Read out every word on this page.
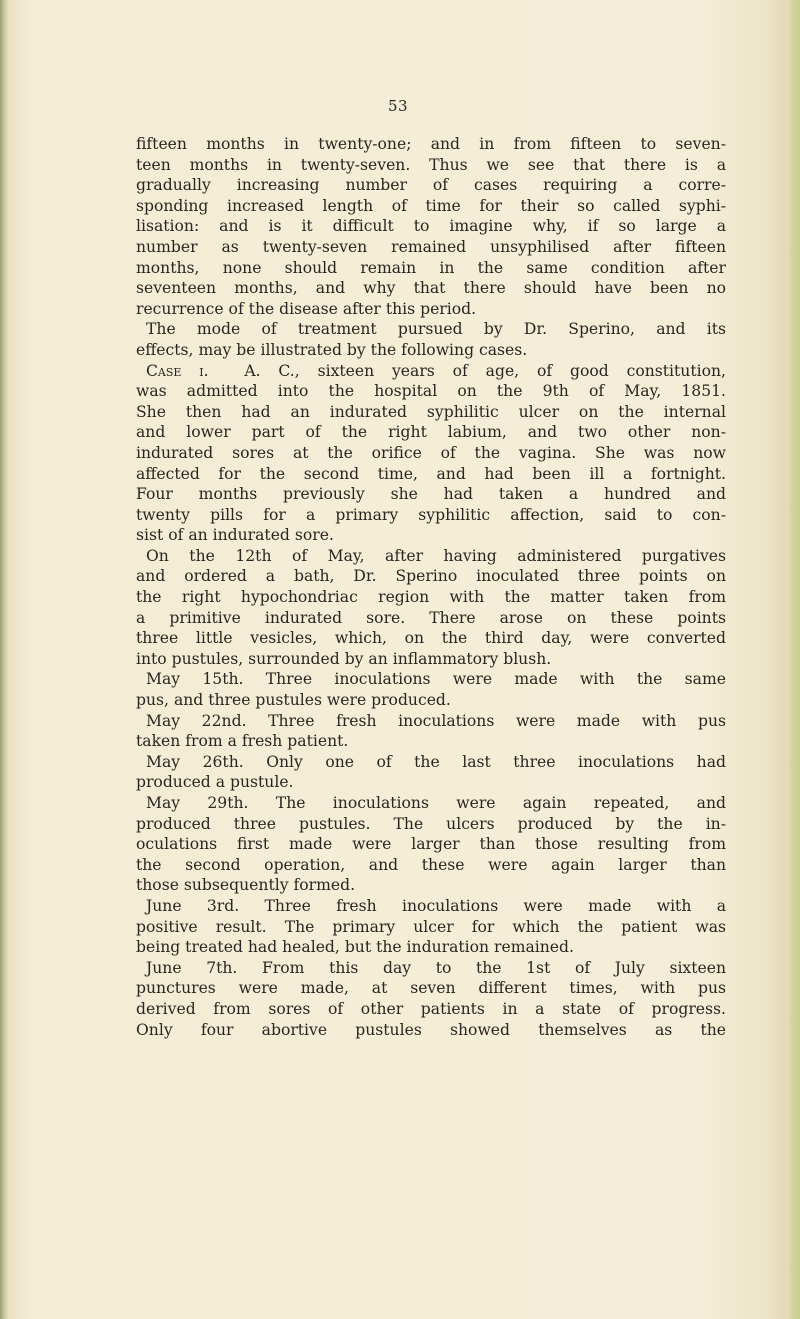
53
fifteen months in twenty-one; and in from fifteen to seven-
teen months in twenty-seven. Thus we see that there is a
gradually increasing number of cases requiring a corre-
sponding increased length of time for their so called syphi-
lisation: and is it difficult to imagine why, if so large a
number as twenty-seven remained unsyphilised after fifteen
months, none should remain in the same condition after
seventeen months, and why that there should have been no
recurrence of the disease after this period.
The mode of treatment pursued by Dr. Sperino, and its
effects, may be illustrated by the following cases.
Case i. A. C., sixteen years of age, of good constitution,
was admitted into the hospital on the 9th of May, 1851.
She then had an indurated syphilitic ulcer on the internal
and lower part of the right labium, and two other non-
indurated sores at the orifice of the vagina. She was now
affected for the second time, and had been ill a fortnight.
Four months previously she had taken a hundred and
twenty pills for a primary syphilitic affection, said to con-
sist of an indurated sore.
On the 12th of May, after having administered purgatives
and ordered a bath, Dr. Sperino inoculated three points on
the right hypochondriac region with the matter taken from
a primitive indurated sore. There arose on these points
three little vesicles, which, on the third day, were converted
into pustules, surrounded by an inflammatory blush.
May 15th. Three inoculations were made with the same
pus, and three pustules were produced.
May 22nd. Three fresh inoculations were made with pus
taken from a fresh patient.
May 26th. Only one of the last three inoculations had
produced a pustule.
May 29th. The inoculations were again repeated, and
produced three pustules. The ulcers produced by the in-
oculations first made were larger than those resulting from
the second operation, and these were again larger than
those subsequently formed.
June 3rd. Three fresh inoculations were made with a
positive result. The primary ulcer for which the patient was
being treated had healed, but the induration remained.
June 7th. From this day to the 1st of July sixteen
punctures were made, at seven different times, with pus
derived from sores of other patients in a state of progress.
Only four abortive pustules showed themselves as the
